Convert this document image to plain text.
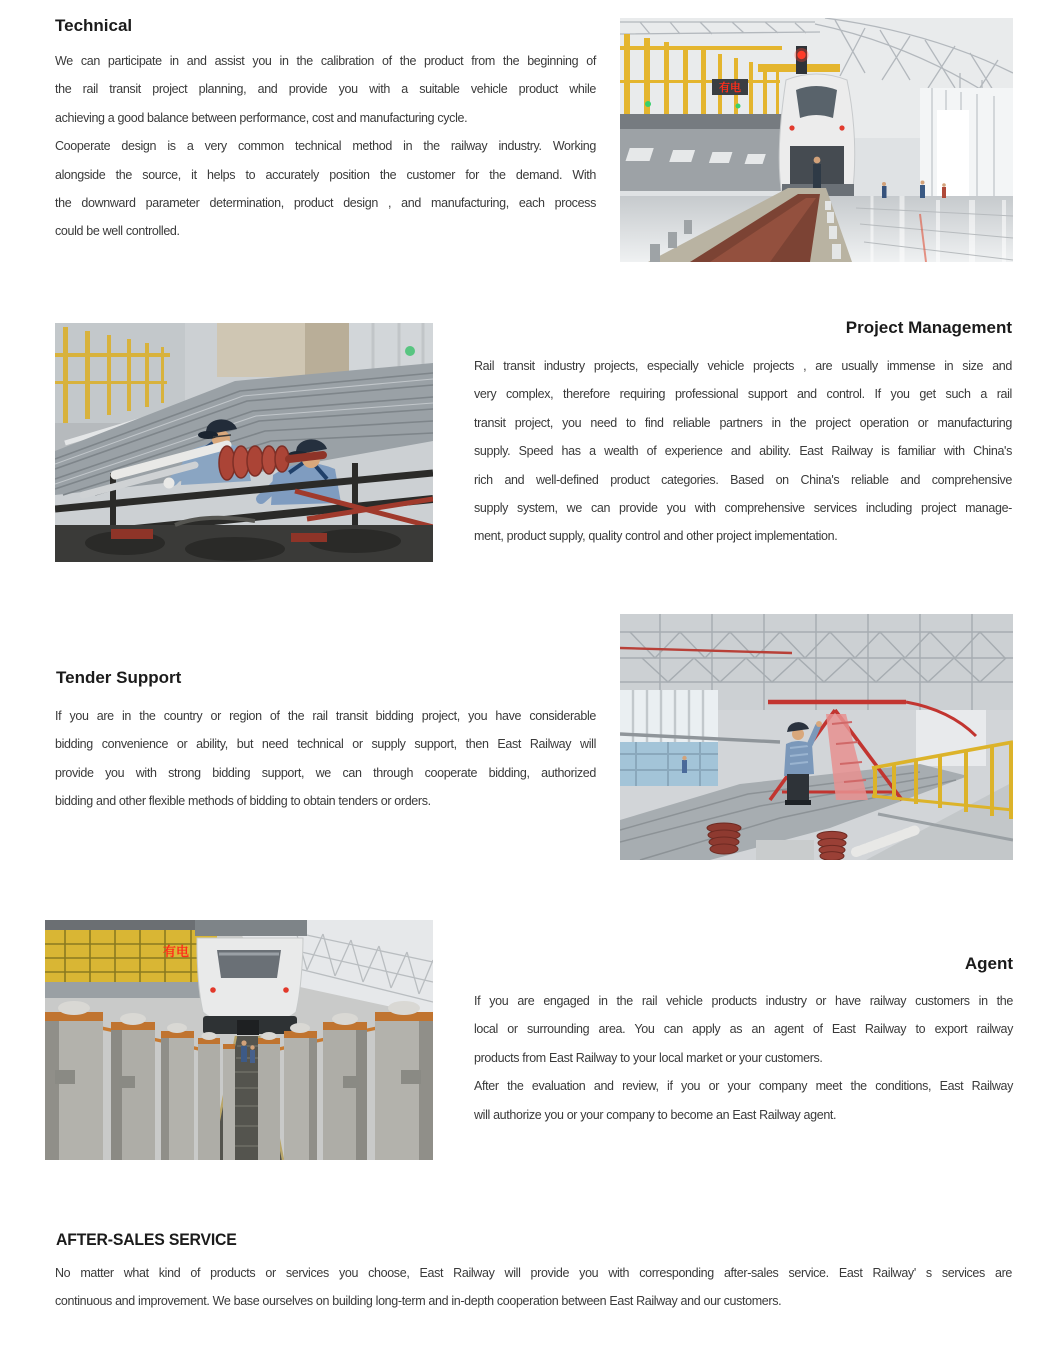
Technical
We can participate in and assist you in the calibration of the product from the beginning of
the rail transit project planning, and provide you with a suitable vehicle product while
achieving a good balance between performance, cost and manufacturing cycle.
Cooperate design is a very common technical method in the railway industry. Working
alongside the source, it helps to accurately position the customer for the demand. With
the downward parameter determination, product design , and manufacturing, each process
could be well controlled.
有电
Project Management
Rail transit industry projects, especially vehicle projects , are usually immense in size and
very complex, therefore requiring professional support and control. If you get such a rail
transit project, you need to find reliable partners in the project operation or manufacturing
supply. Speed has a wealth of experience and ability. East Railway is familiar with China's
rich and well-defined product categories. Based on China's reliable and comprehensive
supply system, we can provide you with comprehensive services including project manage-
ment, product supply, quality control and other project implementation.
Tender Support
If you are in the country or region of the rail transit bidding project, you have considerable
bidding convenience or ability, but need technical or supply support, then East Railway will
provide you with strong bidding support, we can through cooperate bidding, authorized
bidding and other flexible methods of bidding to obtain tenders or orders.
有电
Agent
If you are engaged in the rail vehicle products industry or have railway customers in the
local or surrounding area. You can apply as an agent of East Railway to export railway
products from East Railway to your local market or your customers.
After the evaluation and review, if you or your company meet the conditions, East Railway
will authorize you or your company to become an East Railway agent.
AFTER-SALES SERVICE
No matter what kind of products or services you choose, East Railway will provide you with corresponding after-sales service. East Railway' s services are
continuous and improvement. We base ourselves on building long-term and in-depth cooperation between East Railway and our customers.
